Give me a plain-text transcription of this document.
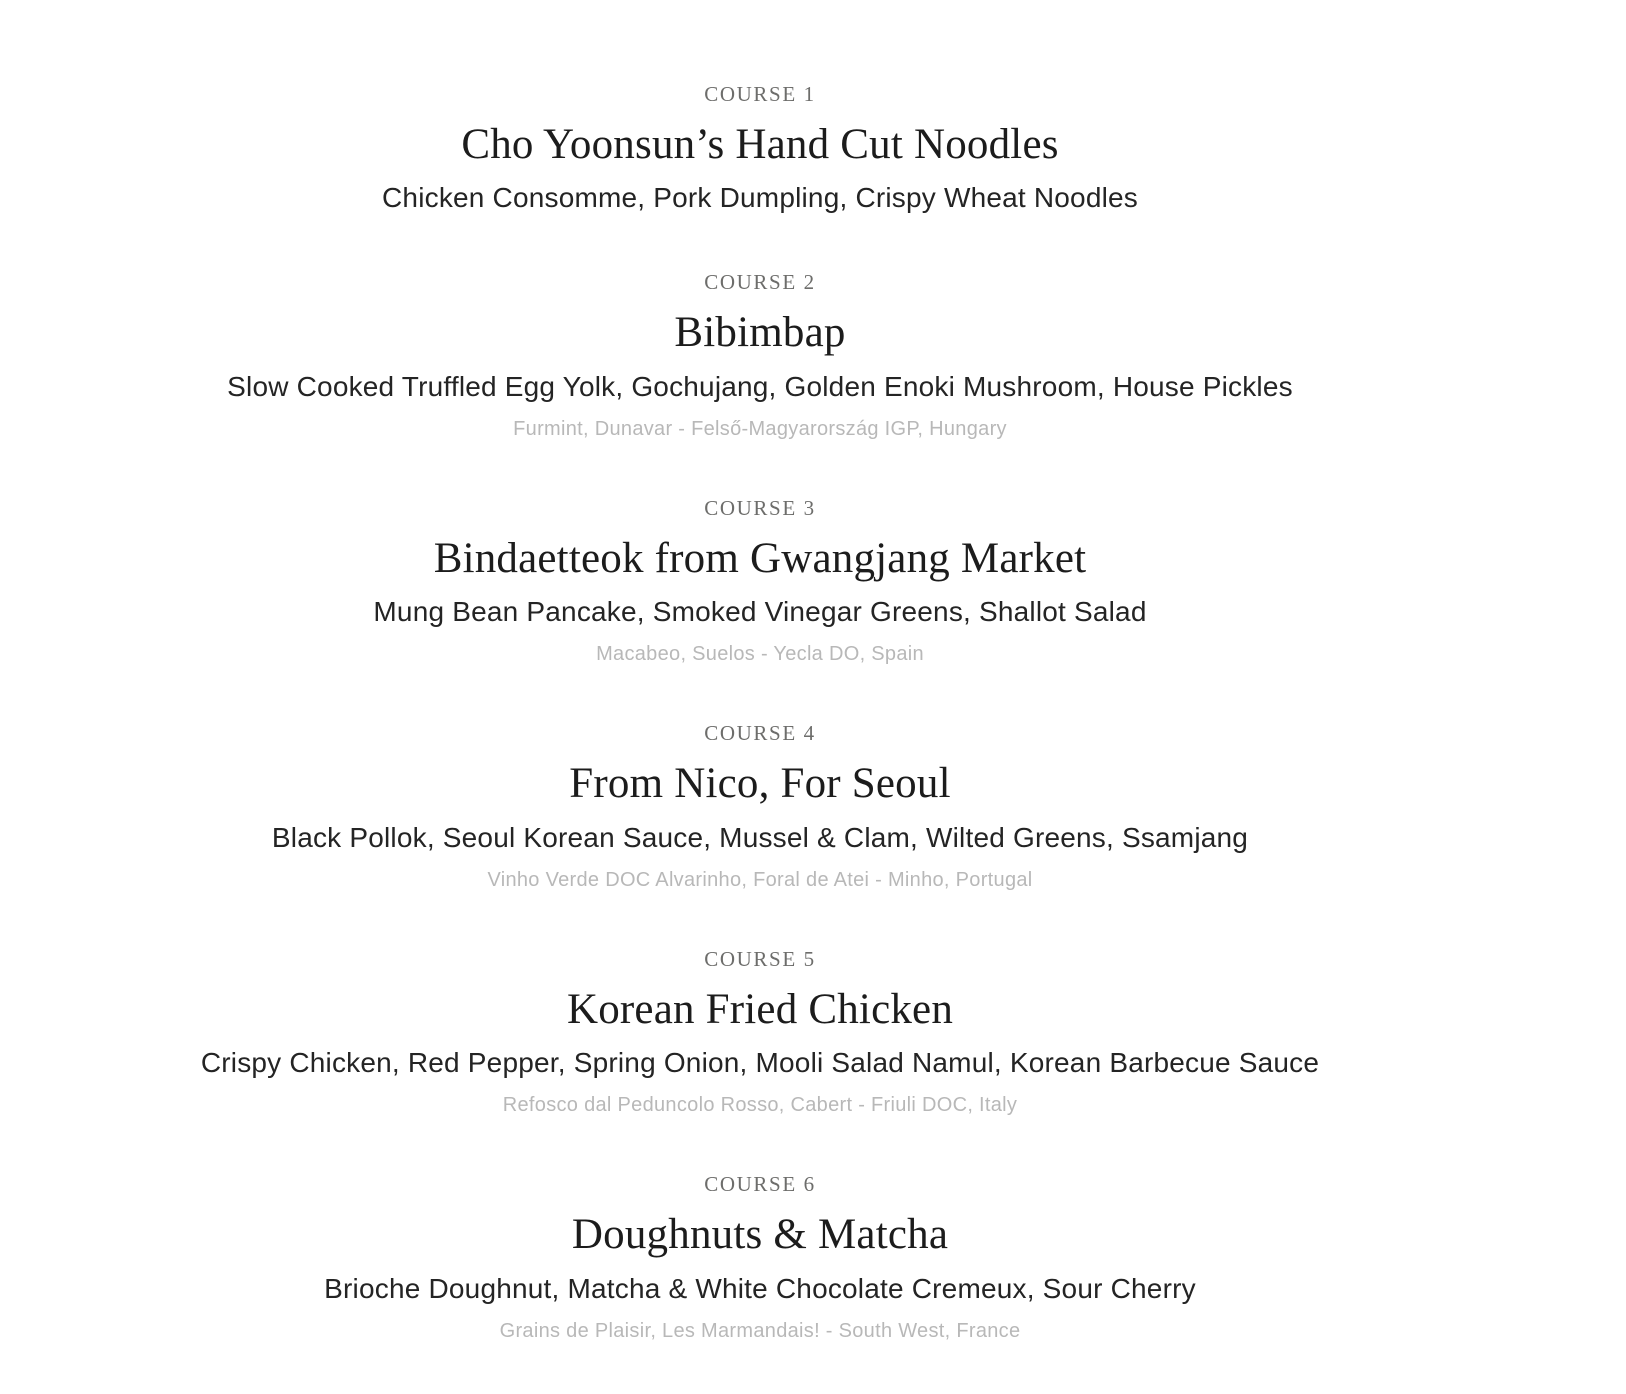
COURSE 1
Cho Yoonsun’s Hand Cut Noodles
Chicken Consomme, Pork Dumpling, Crispy Wheat Noodles
COURSE 2
Bibimbap
Slow Cooked Truffled Egg Yolk, Gochujang, Golden Enoki Mushroom, House Pickles
Furmint, Dunavar - Felső-Magyarország IGP, Hungary
COURSE 3
Bindaetteok from Gwangjang Market
Mung Bean Pancake, Smoked Vinegar Greens, Shallot Salad
Macabeo, Suelos - Yecla DO, Spain
COURSE 4
From Nico, For Seoul
Black Pollok, Seoul Korean Sauce, Mussel & Clam, Wilted Greens, Ssamjang
Vinho Verde DOC Alvarinho, Foral de Atei - Minho, Portugal
COURSE 5
Korean Fried Chicken
Crispy Chicken, Red Pepper, Spring Onion, Mooli Salad Namul, Korean Barbecue Sauce
Refosco dal Peduncolo Rosso, Cabert - Friuli DOC, Italy
COURSE 6
Doughnuts & Matcha
Brioche Doughnut, Matcha & White Chocolate Cremeux, Sour Cherry
Grains de Plaisir, Les Marmandais! - South West, France
